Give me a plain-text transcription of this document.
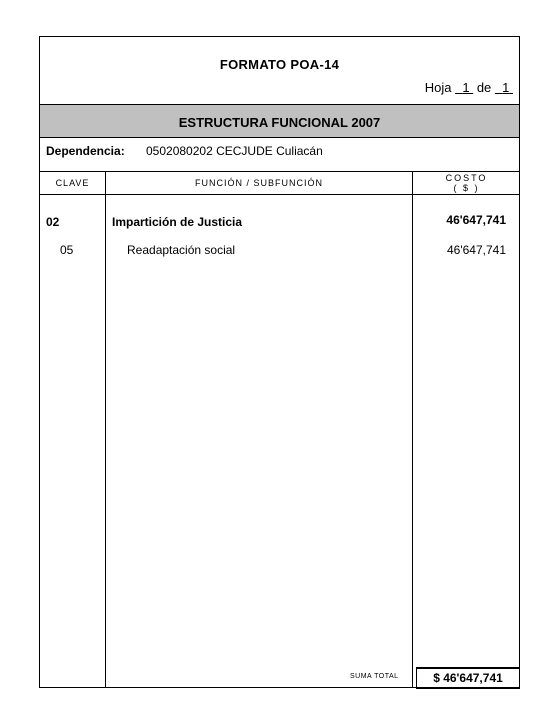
FORMATO POA-14
Hoja 1 de 1
ESTRUCTURA FUNCIONAL 2007
Dependencia: 0502080202 CECJUDE Culiacán
CLAVE	FUNCIÓN / SUBFUNCIÓN	COSTO
( $ )
02	Impartición de Justicia	46'647,741
05	Readaptación social	46'647,741
SUMA TOTAL	$ 46'647,741
